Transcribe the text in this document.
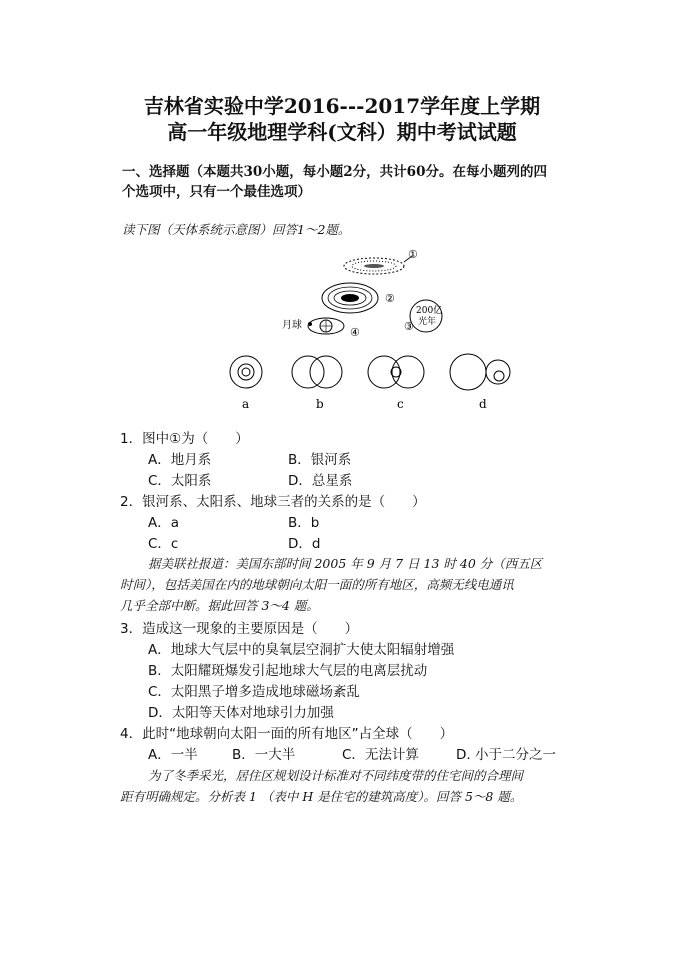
吉林省实验中学2016---2017学年度上学期
高一年级地理学科(文科）期中考试试题
一、选择题（本题共30小题，每小题2分，共计60分。在每小题列的四
个选项中，只有一个最佳选项）
读下图（天体系统示意图）回答1～2题。
①
②
200亿
光年
③
月球
④
a	b	c	d
1．图中①为（　　）
A．地月系	B．银河系
C．太阳系	D．总星系
2．银河系、太阳系、地球三者的关系的是（　　）
A．a	B．b
C．c	D．d
据美联社报道：美国东部时间 2005 年 9 月 7 日 13 时 40 分（西五区
时间），包括美国在内的地球朝向太阳一面的所有地区，高频无线电通讯
几乎全部中断。据此回答 3～4 题。
3．造成这一现象的主要原因是（　　）
A．地球大气层中的臭氧层空洞扩大使太阳辐射增强
B．太阳耀斑爆发引起地球大气层的电离层扰动
C．太阳黑子增多造成地球磁场紊乱
D．太阳等天体对地球引力加强
4．此时“地球朝向太阳一面的所有地区”占全球（　　）
A．一半	B．一大半	C．无法计算	D. 小于二分之一
为了冬季采光，居住区规划设计标准对不同纬度带的住宅间的合理间
距有明确规定。分析表 1 （表中 H 是住宅的建筑高度）。回答 5～8 题。
